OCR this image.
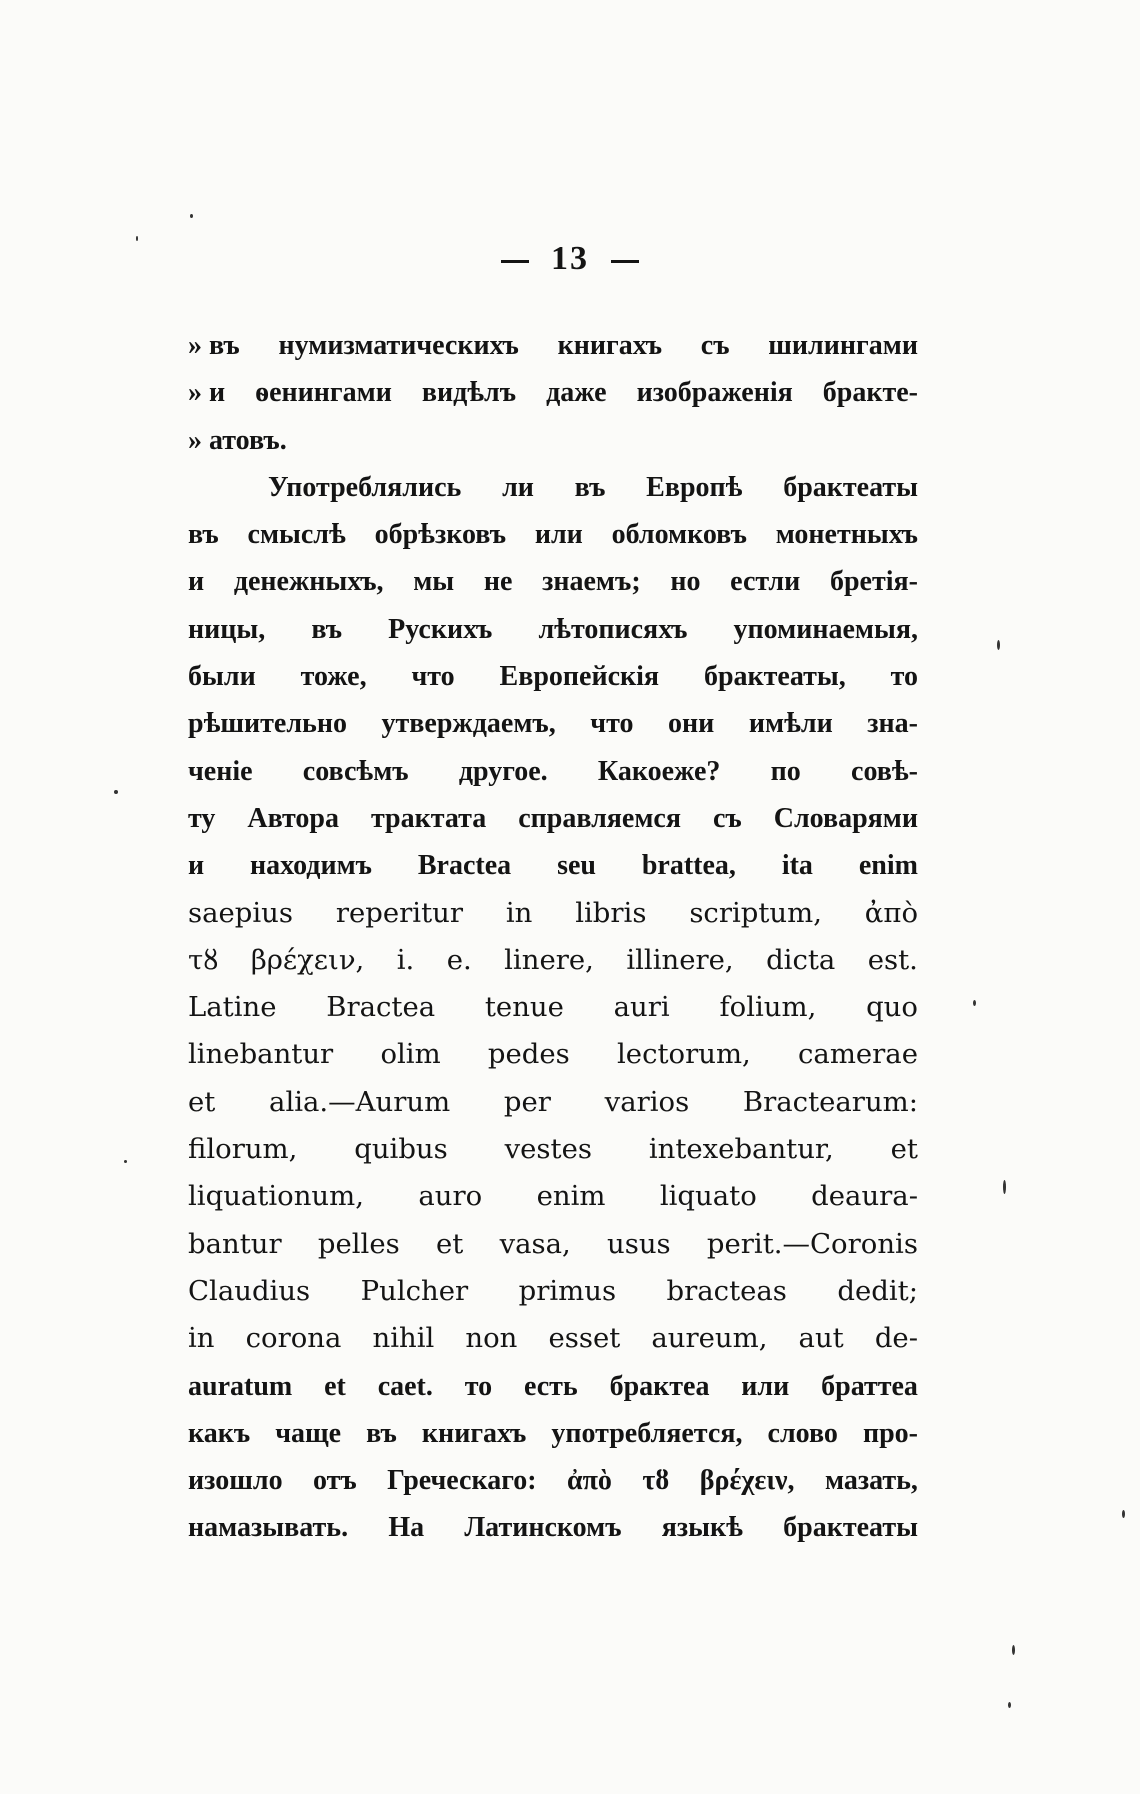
13
» въ нумизматическихъ книгахъ съ шилингами
» и ѳенингами видѣлъ даже изображенія бракте-
» атовъ.
Употреблялись ли въ Европѣ брактеаты
въ смыслѣ обрѣзковъ или обломковъ монетныхъ
и денежныхъ, мы не знаемъ; но естли бретія-
ницы, въ Рускихъ лѣтописяхъ упоминаемыя,
были тоже, что Европейскія брактеаты, то
рѣшительно утверждаемъ, что они имѣли зна-
ченіе совсѣмъ другое. Какоеже? по совѣ-
ту Автора трактата справляемся съ Словарями
и находимъ Bractea seu brattea, ita enim
saepius reperitur in libris scriptum, ἀπὸ
τȣ βρέχειν, i. e. linere, illinere, dicta est.
Latine Bractea tenue auri folium, quo
linebantur olim pedes lectorum, camerae
et alia.—Aurum per varios Bractearum:
filorum, quibus vestes intexebantur, et
liquationum, auro enim liquato deaura-
bantur pelles et vasa, usus perit.—Coronis
Claudius Pulcher primus bracteas dedit;
in corona nihil non esset aureum, aut de-
auratum et caet. то есть брактеа или браттеа
какъ чаще въ книгахъ употребляется, слово про-
изошло отъ Греческаго: ἀπὸ τȣ βρέχειν, мазать,
намазывать. На Латинскомъ языкѣ брактеаты
